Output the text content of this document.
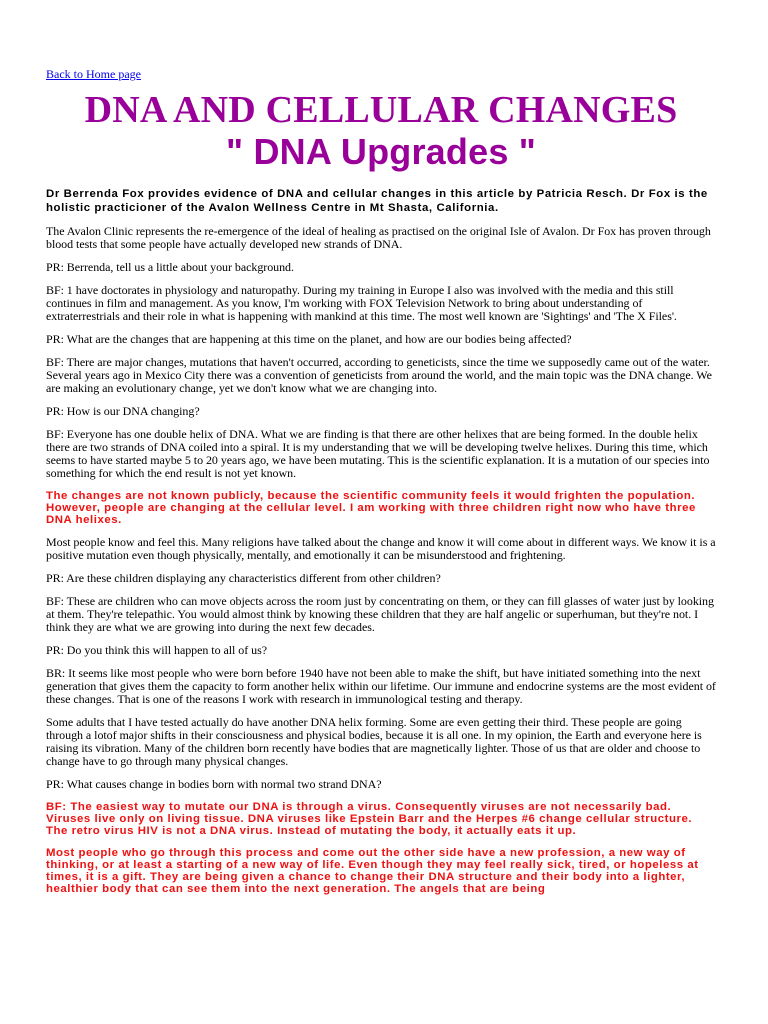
Back to Home page
DNA AND CELLULAR CHANGES
" DNA Upgrades "

Dr Berrenda Fox provides evidence of DNA and cellular changes in this article by Patricia Resch. Dr Fox is the holistic practicioner of the Avalon Wellness Centre in Mt Shasta, California.

The Avalon Clinic represents the re-emergence of the ideal of healing as practised on the original Isle of Avalon. Dr Fox has proven through blood tests that some people have actually developed new strands of DNA.

PR: Berrenda, tell us a little about your background.

BF: 1 have doctorates in physiology and naturopathy. During my training in Europe I also was involved with the media and this still continues in film and management. As you know, I'm working with FOX Television Network to bring about understanding of extraterrestrials and their role in what is happening with mankind at this time. The most well known are 'Sightings' and 'The X Files'.

PR: What are the changes that are happening at this time on the planet, and how are our bodies being affected?

BF: There are major changes, mutations that haven't occurred, according to geneticists, since the time we supposedly came out of the water. Several years ago in Mexico City there was a convention of geneticists from around the world, and the main topic was the DNA change. We are making an evolutionary change, yet we don't know what we are changing into.

PR: How is our DNA changing?

BF: Everyone has one double helix of DNA. What we are finding is that there are other helixes that are being formed. In the double helix there are two strands of DNA coiled into a spiral. It is my understanding that we will be developing twelve helixes. During this time, which seems to have started maybe 5 to 20 years ago, we have been mutating. This is the scientific explanation. It is a mutation of our species into something for which the end result is not yet known.

The changes are not known publicly, because the scientific community feels it would frighten the population. However, people are changing at the cellular level. I am working with three children right now who have three DNA helixes.

Most people know and feel this. Many religions have talked about the change and know it will come about in different ways. We know it is a positive mutation even though physically, mentally, and emotionally it can be misunderstood and frightening.

PR: Are these children displaying any characteristics different from other children?

BF: These are children who can move objects across the room just by concentrating on them, or they can fill glasses of water just by looking at them. They're telepathic. You would almost think by knowing these children that they are half angelic or superhuman, but they're not. I think they are what we are growing into during the next few decades.

PR: Do you think this will happen to all of us?

BR: It seems like most people who were born before 1940 have not been able to make the shift, but have initiated something into the next generation that gives them the capacity to form another helix within our lifetime. Our immune and endocrine systems are the most evident of these changes. That is one of the reasons I work with research in immunological testing and therapy.

Some adults that I have tested actually do have another DNA helix forming. Some are even getting their third. These people are going

through a lotof major shifts in their consciousness and physical bodies, because it is all one. In my opinion, the Earth and everyone here is raising its vibration. Many of the children born recently have bodies that are magnetically lighter. Those of us that are older and choose to change have to go through many physical changes.

PR: What causes change in bodies born with normal two strand DNA?

BF: The easiest way to mutate our DNA is through a virus. Consequently viruses are not necessarily bad. Viruses live only on living tissue. DNA viruses like Epstein Barr and the Herpes #6 change cellular structure. The retro virus HIV is not a DNA virus. Instead of mutating the body, it actually eats it up.

Most people who go through this process and come out the other side have a new profession, a new way of thinking, or at least a starting of a new way of life. Even though they may feel really sick, tired, or hopeless at times, it is a gift. They are being given a chance to change their DNA structure and their body into a lighter, healthier body that can see them into the next generation. The angels that are being
